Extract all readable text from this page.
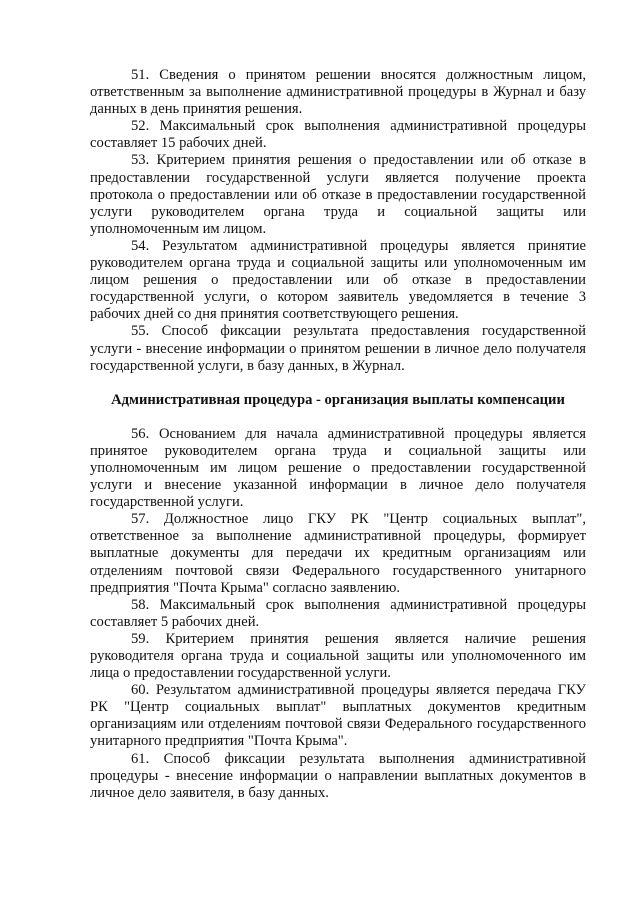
51. Сведения о принятом решении вносятся должностным лицом, ответственным за выполнение административной процедуры в Журнал и базу данных в день принятия решения.

52. Максимальный срок выполнения административной процедуры составляет 15 рабочих дней.

53. Критерием принятия решения о предоставлении или об отказе в предоставлении государственной услуги является получение проекта протокола о предоставлении или об отказе в предоставлении государственной услуги руководителем органа труда и социальной защиты или уполномоченным им лицом.

54. Результатом административной процедуры является принятие руководителем органа труда и социальной защиты или уполномоченным им лицом решения о предоставлении или об отказе в предоставлении государственной услуги, о котором заявитель уведомляется в течение 3 рабочих дней со дня принятия соответствующего решения.

55. Способ фиксации результата предоставления государственной услуги - внесение информации о принятом решении в личное дело получателя государственной услуги, в базу данных, в Журнал.

Административная процедура - организация выплаты компенсации

56. Основанием для начала административной процедуры является принятое руководителем органа труда и социальной защиты или уполномоченным им лицом решение о предоставлении государственной услуги и внесение указанной информации в личное дело получателя государственной услуги.

57. Должностное лицо ГКУ РК "Центр социальных выплат", ответственное за выполнение административной процедуры, формирует выплатные документы для передачи их кредитным организациям или отделениям почтовой связи Федерального государственного унитарного предприятия "Почта Крыма" согласно заявлению.

58. Максимальный срок выполнения административной процедуры составляет 5 рабочих дней.

59. Критерием принятия решения является наличие решения руководителя органа труда и социальной защиты или уполномоченного им лица о предоставлении государственной услуги.

60. Результатом административной процедуры является передача ГКУ РК "Центр социальных выплат" выплатных документов кредитным организациям или отделениям почтовой связи Федерального государственного унитарного предприятия "Почта Крыма".

61. Способ фиксации результата выполнения административной процедуры - внесение информации о направлении выплатных документов в личное дело заявителя, в базу данных.
